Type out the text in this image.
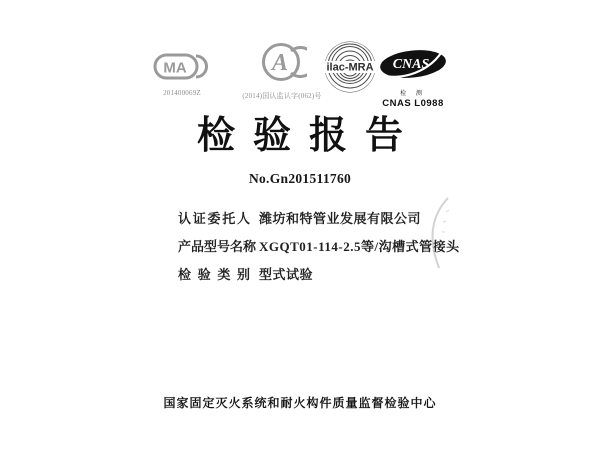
MA
201400069Z
A
(2014)国认监认字(062)号
ilac-MRA CNAS
检 测
CNAS L0988
检验报告
No.Gn201511760
认证委托人 潍坊和特管业发展有限公司
产品型号名称 XGQT01-114-2.5等/沟槽式管接头
检验类别 型式试验
国家固定灭火系统和耐火构件质量监督检验中心
